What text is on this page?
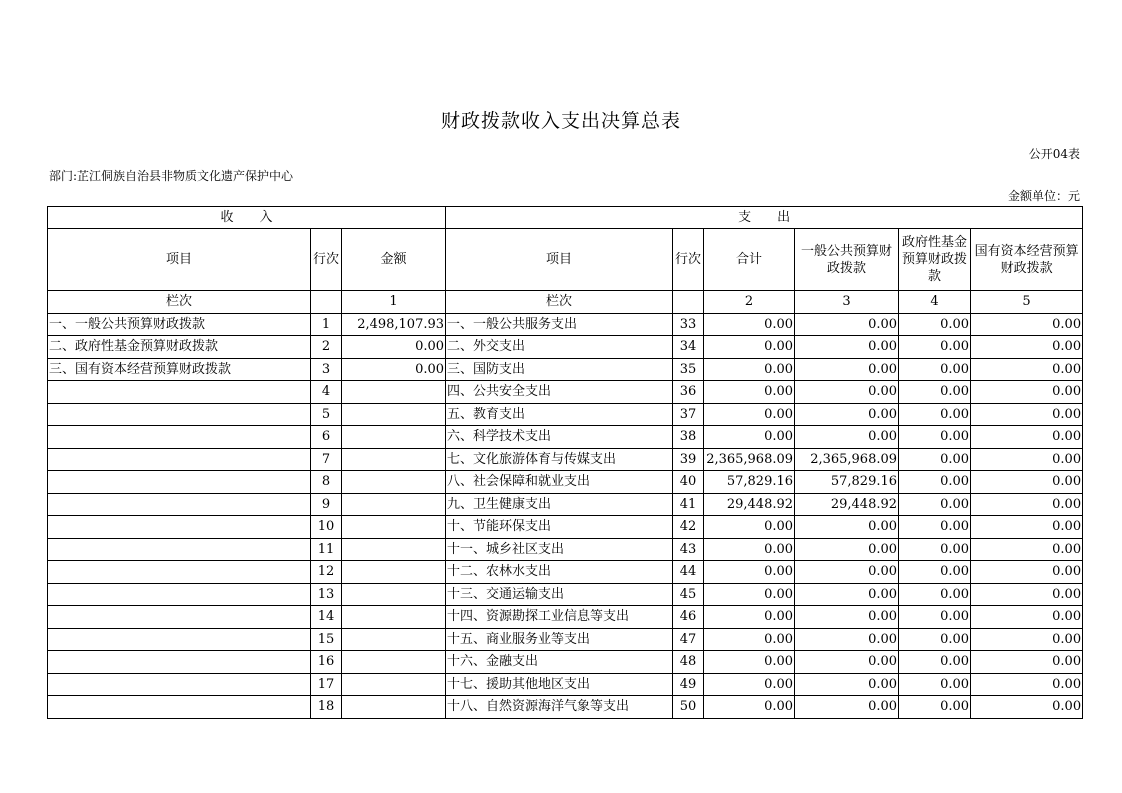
财政拨款收入支出决算总表
公开04表
部门:芷江侗族自治县非物质文化遗产保护中心
金额单位：元
收　　入			支　　出					
项目	行次	金额	项目	行次	合计	一般公共预算财政拨款	政府性基金预算财政拨款	国有资本经营预算财政拨款
栏次		1	栏次		2	3	4	5
一、一般公共预算财政拨款	1	2,498,107.93	一、一般公共服务支出	33	0.00	0.00	0.00	0.00
二、政府性基金预算财政拨款	2	0.00	二、外交支出	34	0.00	0.00	0.00	0.00
三、国有资本经营预算财政拨款	3	0.00	三、国防支出	35	0.00	0.00	0.00	0.00
	4		四、公共安全支出	36	0.00	0.00	0.00	0.00
	5		五、教育支出	37	0.00	0.00	0.00	0.00
	6		六、科学技术支出	38	0.00	0.00	0.00	0.00
	7		七、文化旅游体育与传媒支出	39	2,365,968.09	2,365,968.09	0.00	0.00
	8		八、社会保障和就业支出	40	57,829.16	57,829.16	0.00	0.00
	9		九、卫生健康支出	41	29,448.92	29,448.92	0.00	0.00
	10		十、节能环保支出	42	0.00	0.00	0.00	0.00
	11		十一、城乡社区支出	43	0.00	0.00	0.00	0.00
	12		十二、农林水支出	44	0.00	0.00	0.00	0.00
	13		十三、交通运输支出	45	0.00	0.00	0.00	0.00
	14		十四、资源勘探工业信息等支出	46	0.00	0.00	0.00	0.00
	15		十五、商业服务业等支出	47	0.00	0.00	0.00	0.00
	16		十六、金融支出	48	0.00	0.00	0.00	0.00
	17		十七、援助其他地区支出	49	0.00	0.00	0.00	0.00
	18		十八、自然资源海洋气象等支出	50	0.00	0.00	0.00	0.00
